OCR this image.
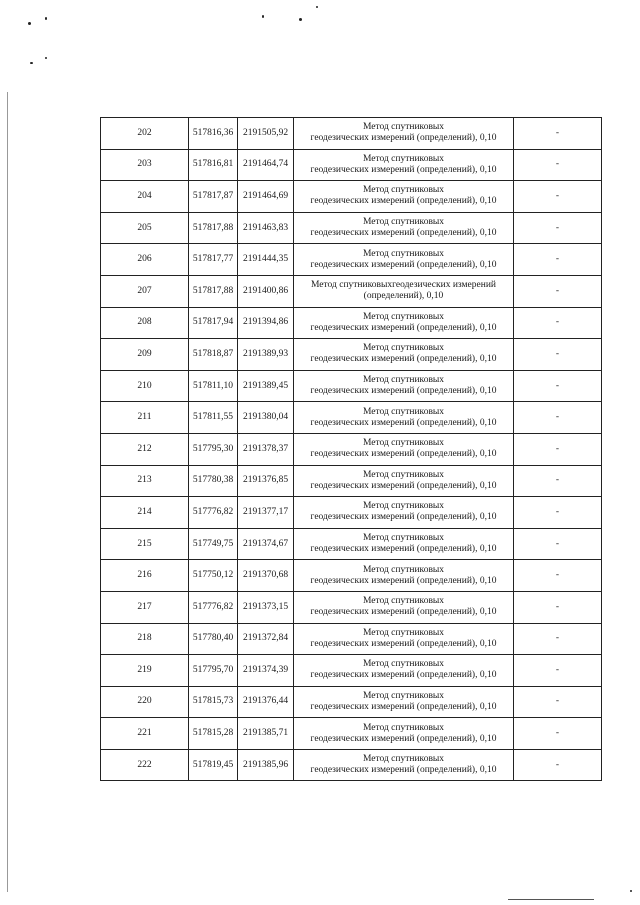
202	517816,36	2191505,92	Метод спутниковых
геодезических измерений (определений), 0,10	-
203	517816,81	2191464,74	Метод спутниковых
геодезических измерений (определений), 0,10	-
204	517817,87	2191464,69	Метод спутниковых
геодезических измерений (определений), 0,10	-
205	517817,88	2191463,83	Метод спутниковых
геодезических измерений (определений), 0,10	-
206	517817,77	2191444,35	Метод спутниковых
геодезических измерений (определений), 0,10	-
207	517817,88	2191400,86	Метод спутниковыхгеодезических измерений
(определений), 0,10	-
208	517817,94	2191394,86	Метод спутниковых
геодезических измерений (определений), 0,10	-
209	517818,87	2191389,93	Метод спутниковых
геодезических измерений (определений), 0,10	-
210	517811,10	2191389,45	Метод спутниковых
геодезических измерений (определений), 0,10	-
211	517811,55	2191380,04	Метод спутниковых
геодезических измерений (определений), 0,10	-
212	517795,30	2191378,37	Метод спутниковых
геодезических измерений (определений), 0,10	-
213	517780,38	2191376,85	Метод спутниковых
геодезических измерений (определений), 0,10	-
214	517776,82	2191377,17	Метод спутниковых
геодезических измерений (определений), 0,10	-
215	517749,75	2191374,67	Метод спутниковых
геодезических измерений (определений), 0,10	-
216	517750,12	2191370,68	Метод спутниковых
геодезических измерений (определений), 0,10	-
217	517776,82	2191373,15	Метод спутниковых
геодезических измерений (определений), 0,10	-
218	517780,40	2191372,84	Метод спутниковых
геодезических измерений (определений), 0,10	-
219	517795,70	2191374,39	Метод спутниковых
геодезических измерений (определений), 0,10	-
220	517815,73	2191376,44	Метод спутниковых
геодезических измерений (определений), 0,10	-
221	517815,28	2191385,71	Метод спутниковых
геодезических измерений (определений), 0,10	-
222	517819,45	2191385,96	Метод спутниковых
геодезических измерений (определений), 0,10	-
